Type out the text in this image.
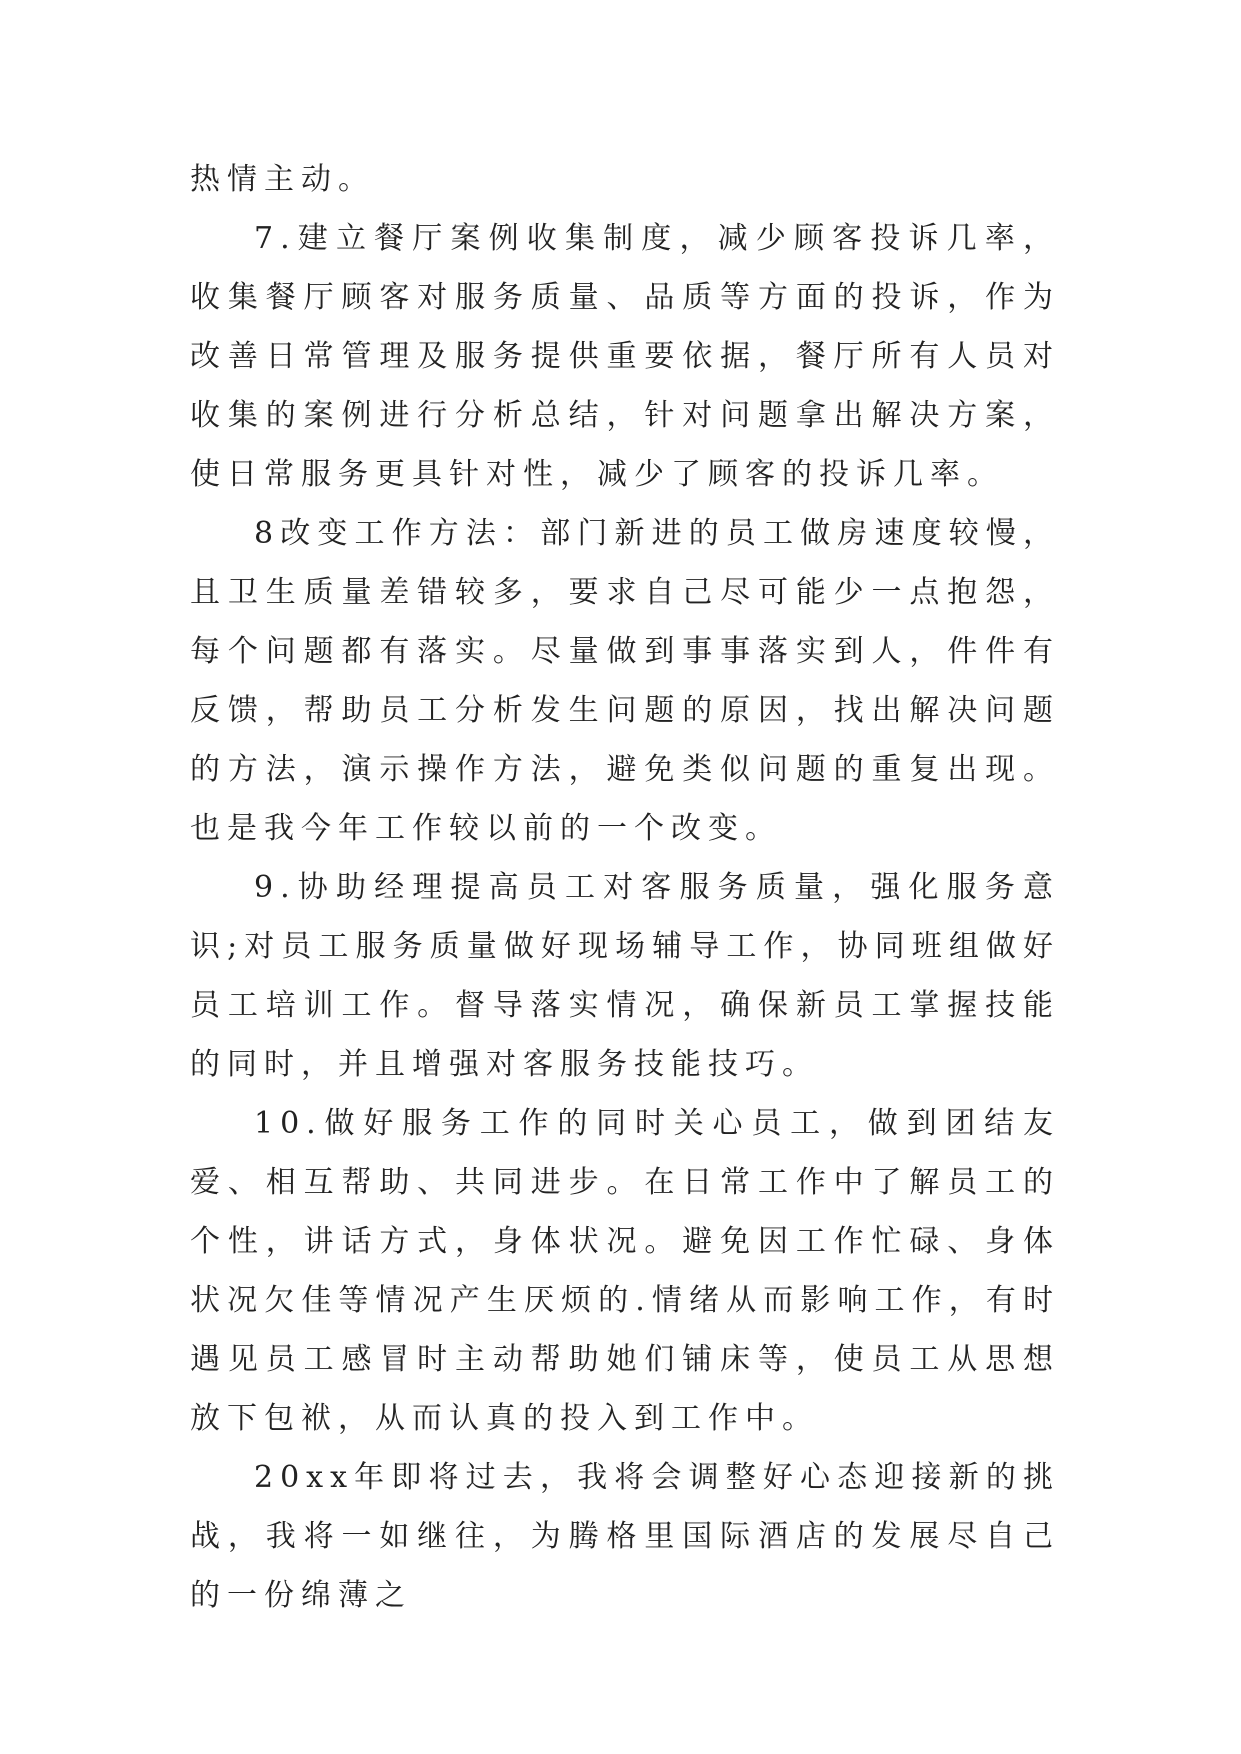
热情主动。

7.建立餐厅案例收集制度，减少顾客投诉几率，收集餐厅顾客对服务质量、品质等方面的投诉，作为改善日常管理及服务提供重要依据，餐厅所有人员对收集的案例进行分析总结，针对问题拿出解决方案，使日常服务更具针对性，减少了顾客的投诉几率。

8改变工作方法：部门新进的员工做房速度较慢，且卫生质量差错较多，要求自己尽可能少一点抱怨，每个问题都有落实。尽量做到事事落实到人，件件有反馈，帮助员工分析发生问题的原因，找出解决问题的方法，演示操作方法，避免类似问题的重复出现。也是我今年工作较以前的一个改变。

9.协助经理提高员工对客服务质量，强化服务意识;对员工服务质量做好现场辅导工作，协同班组做好员工培训工作。督导落实情况，确保新员工掌握技能的同时，并且增强对客服务技能技巧。

10.做好服务工作的同时关心员工，做到团结友爱、相互帮助、共同进步。在日常工作中了解员工的个性，讲话方式，身体状况。避免因工作忙碌、身体状况欠佳等情况产生厌烦的.情绪从而影响工作，有时遇见员工感冒时主动帮助她们铺床等，使员工从思想放下包袱，从而认真的投入到工作中。

20xx年即将过去，我将会调整好心态迎接新的挑战，我将一如继往，为腾格里国际酒店的发展尽自己的一份绵薄之
